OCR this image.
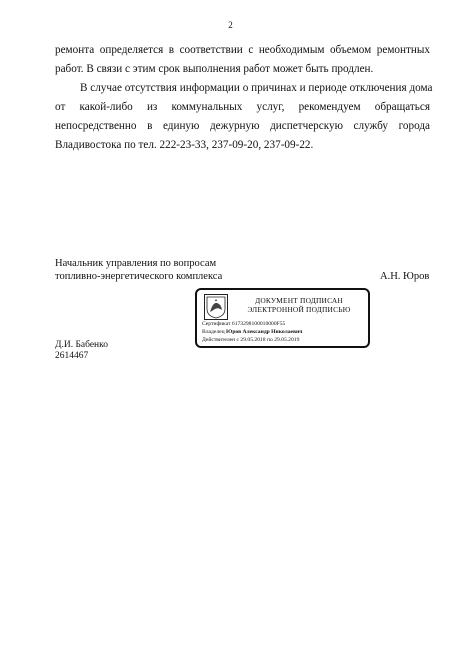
2
ремонта определяется в соответствии с необходимым объемом ремонтных
работ. В связи с этим срок выполнения работ может быть продлен.
В случае отсутствия информации о причинах и периоде отключения дома
от какой-либо из коммунальных услуг, рекомендуем обращаться
непосредственно в единую дежурную диспетчерскую службу города
Владивостока по тел. 222-23-33, 237-09-20, 237-09-22.
Начальник управления по вопросам
топливно-энергетического комплекса	А.Н. Юров
ДОКУМЕНТ ПОДПИСАН
ЭЛЕКТРОННОЙ ПОДПИСЬЮ
Сертификат 6173298100010000F55
Владелец Юров Александр Николаевич
Действителен с 29.05.2018 по 29.05.2019
Д.И. Бабенко
2614467
